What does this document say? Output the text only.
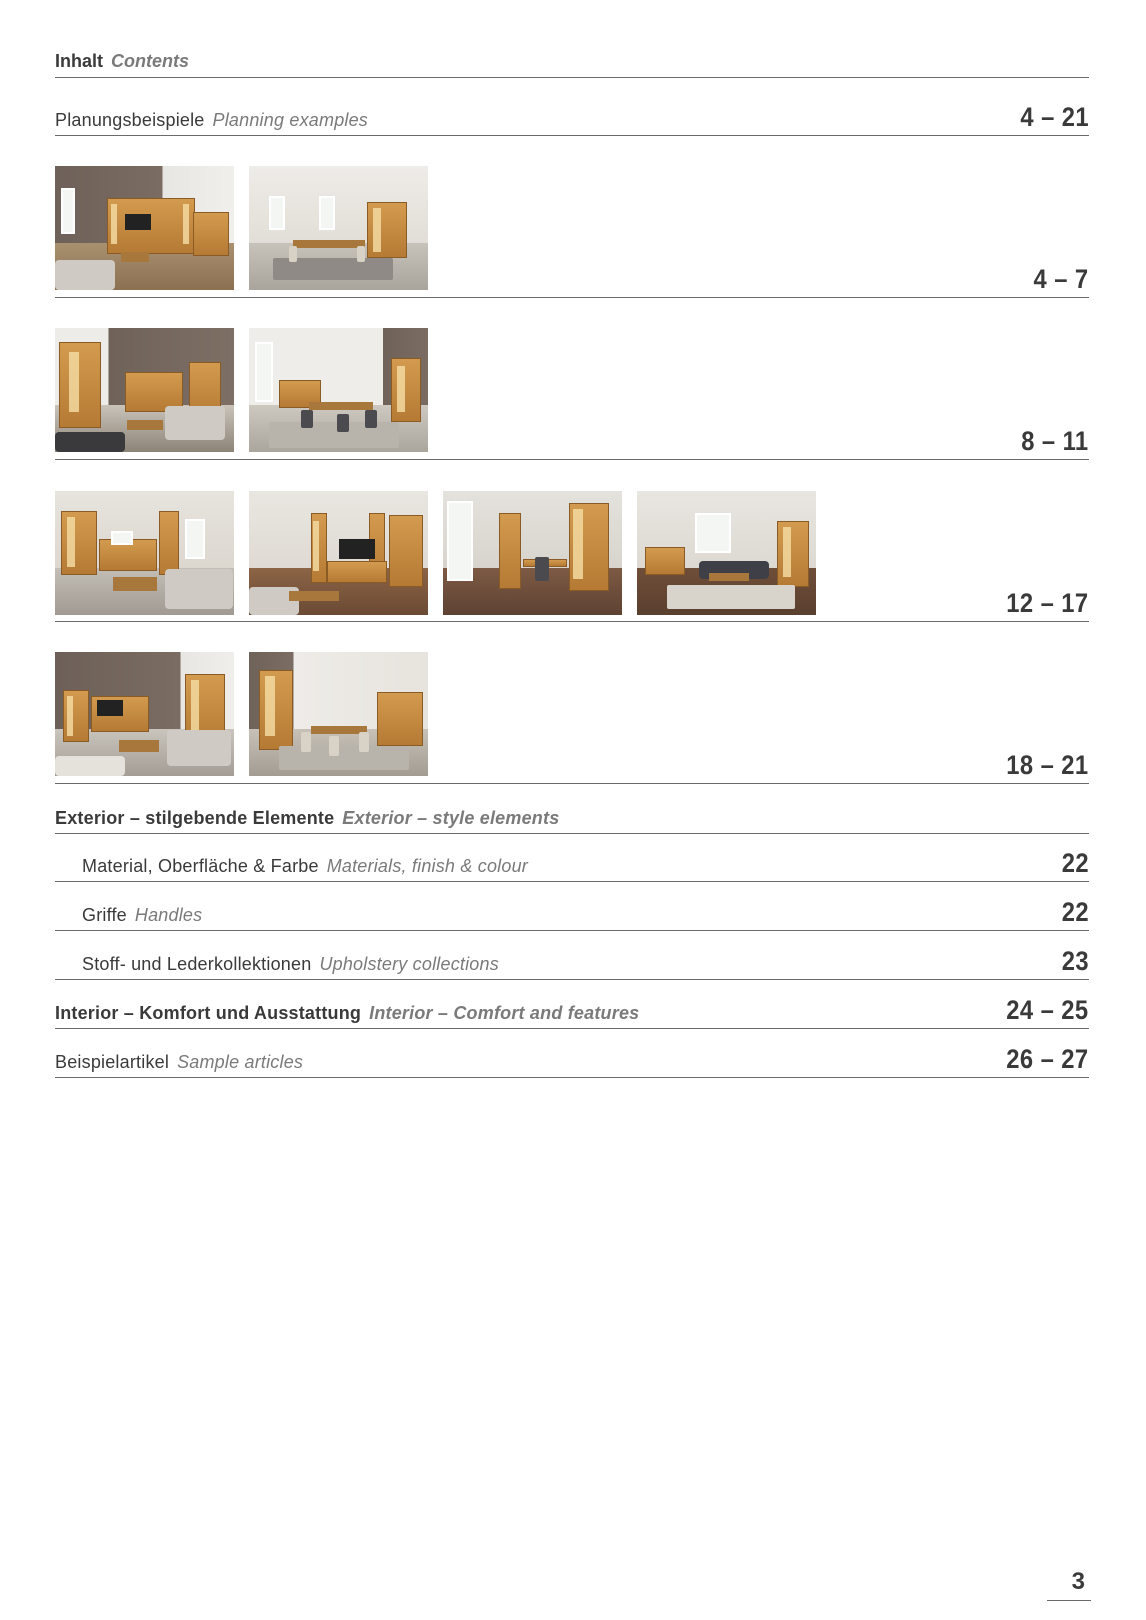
Inhalt Contents
Planungsbeispiele Planning examples	4 – 21
4 – 7
8 – 11
12 – 17
18 – 21
Exterior – stilgebende Elemente Exterior – style elements
Material, Oberfläche & Farbe Materials, finish & colour	22
Griffe Handles	22
Stoff- und Lederkollektionen Upholstery collections	23
Interior – Komfort und Ausstattung Interior – Comfort and features	24 – 25
Beispielartikel Sample articles	26 – 27
3
